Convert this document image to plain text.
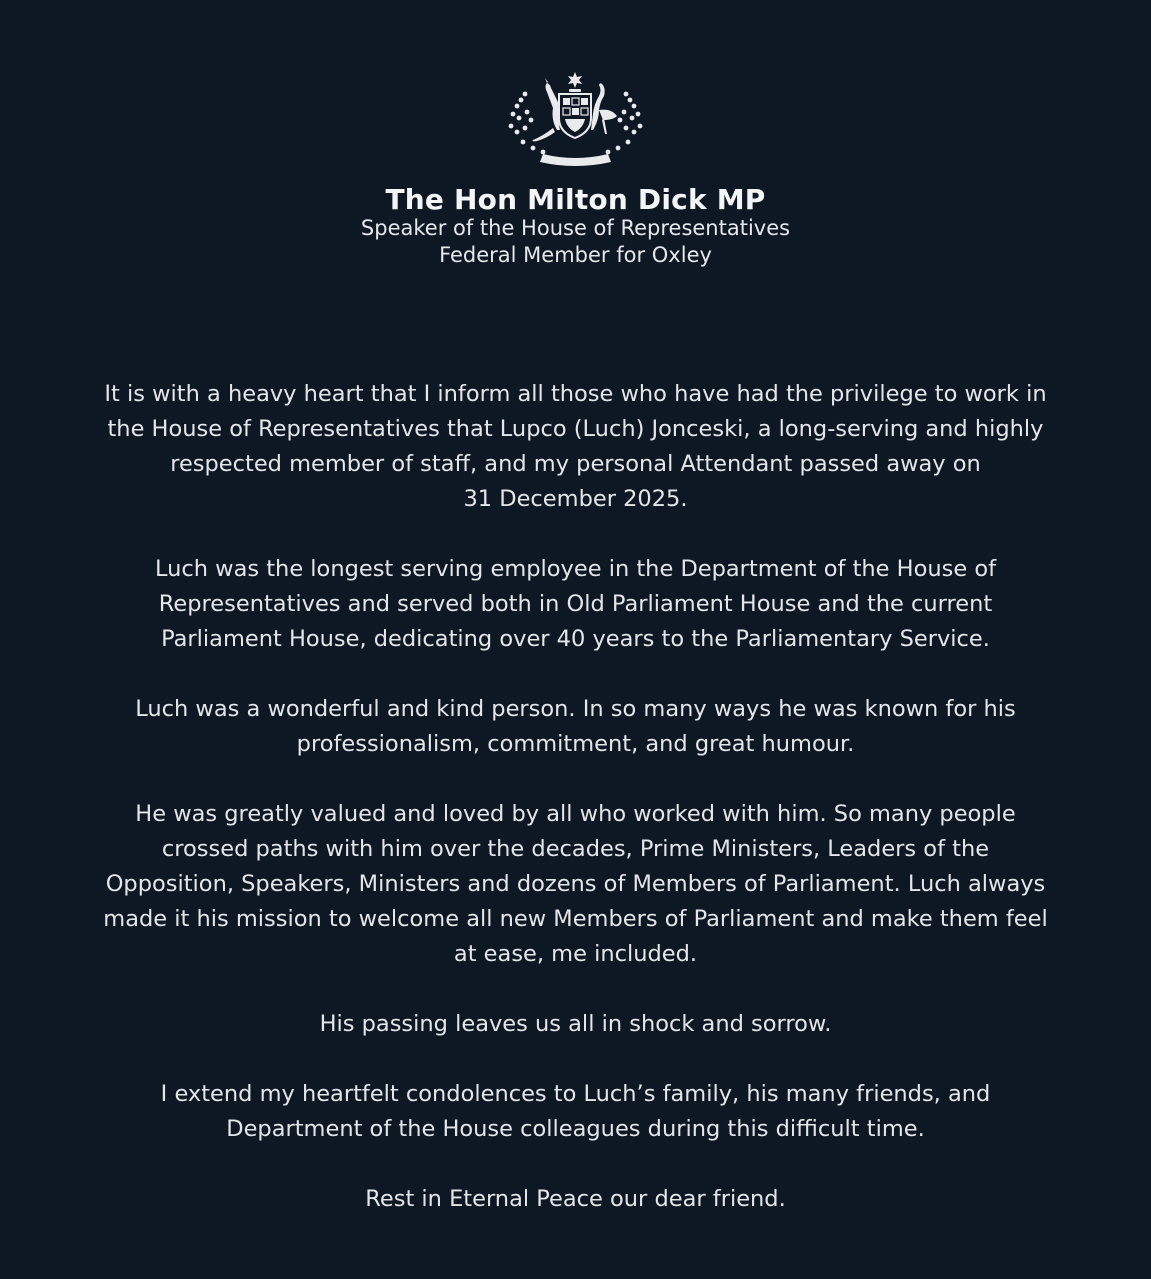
The Hon Milton Dick MP
Speaker of the House of Representatives
Federal Member for Oxley

It is with a heavy heart that I inform all those who have had the privilege to work in
the House of Representatives that Lupco (Luch) Jonceski, a long-serving and highly
respected member of staff, and my personal Attendant passed away on
31 December 2025.

Luch was the longest serving employee in the Department of the House of
Representatives and served both in Old Parliament House and the current
Parliament House, dedicating over 40 years to the Parliamentary Service.

Luch was a wonderful and kind person. In so many ways he was known for his
professionalism, commitment, and great humour.

He was greatly valued and loved by all who worked with him. So many people
crossed paths with him over the decades, Prime Ministers, Leaders of the
Opposition, Speakers, Ministers and dozens of Members of Parliament. Luch always
made it his mission to welcome all new Members of Parliament and make them feel
at ease, me included.

His passing leaves us all in shock and sorrow.

I extend my heartfelt condolences to Luch’s family, his many friends, and
Department of the House colleagues during this difficult time.

Rest in Eternal Peace our dear friend.
